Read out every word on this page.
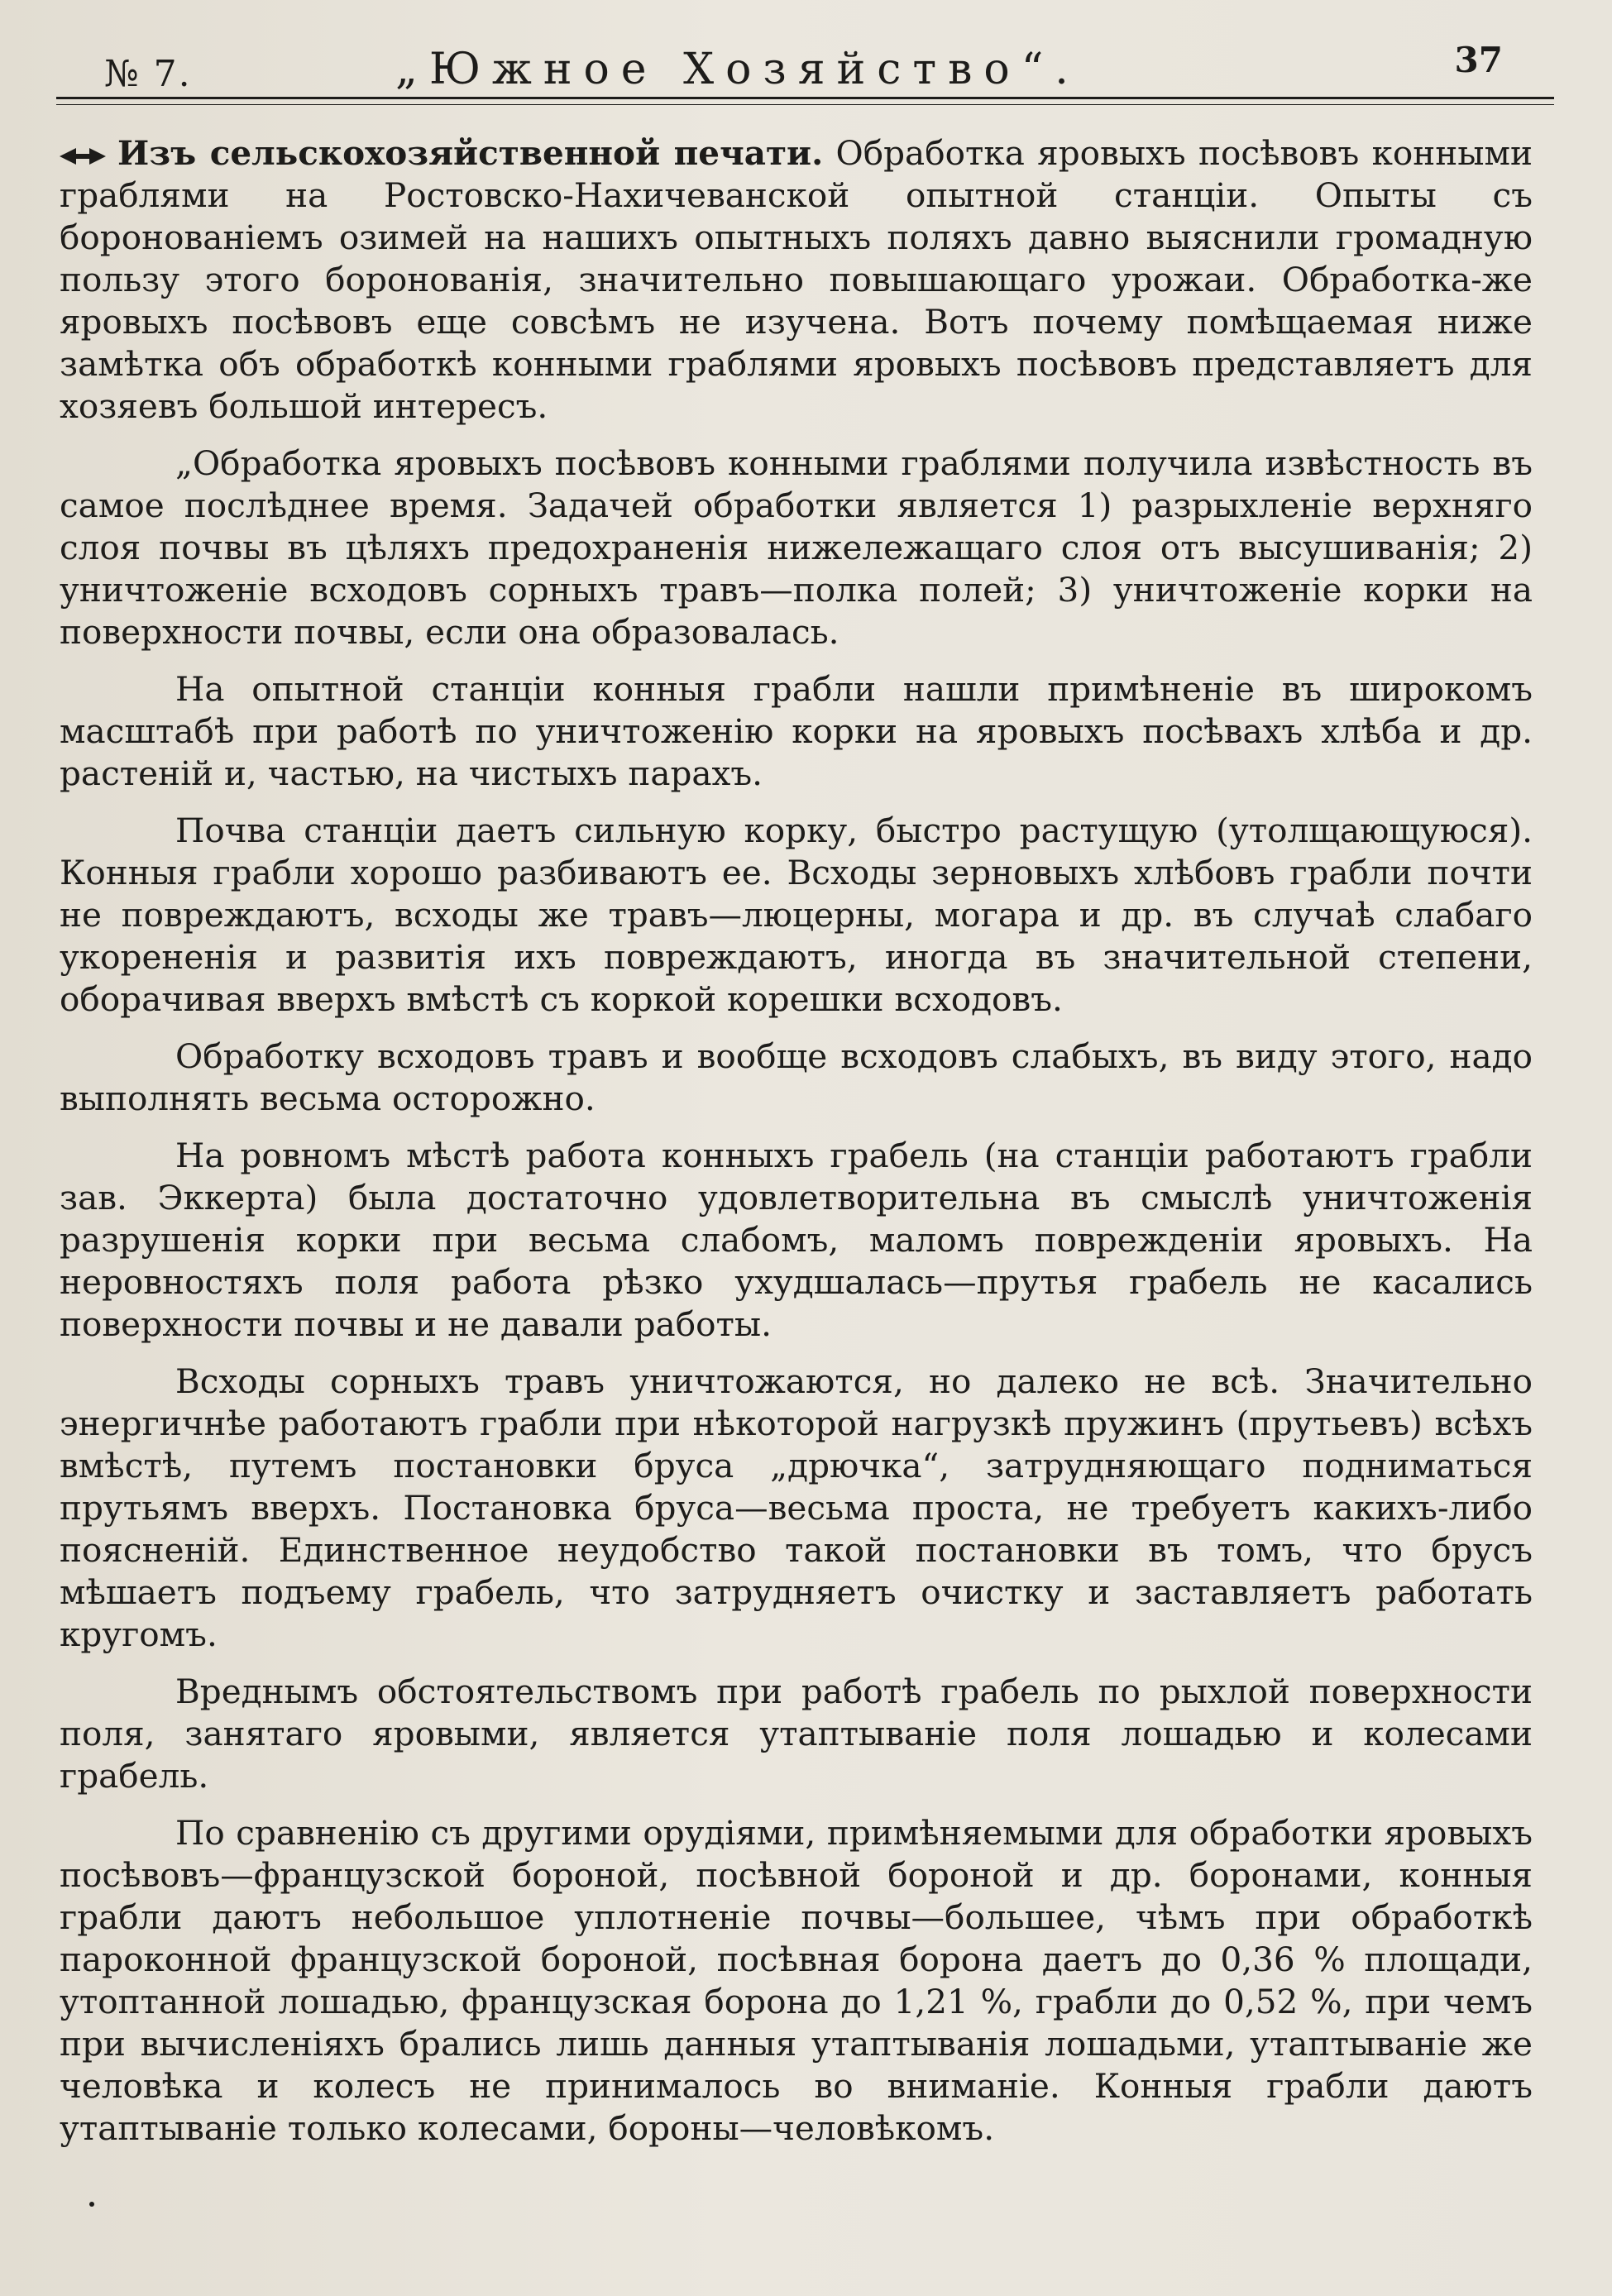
№ 7.	„Южное Хозяйство“.	37

Изъ сельскохозяйственной печати. Обработка яровыхъ посѣвовъ конными граблями на Ростовско-Нахичеванской опытной станціи. Опыты съ боронованіемъ озимей на нашихъ опытныхъ поляхъ давно выяснили громадную пользу этого боронованія, значительно повышающаго урожаи. Обработка-же яровыхъ посѣвовъ еще совсѣмъ не изучена. Вотъ почему помѣщаемая ниже замѣтка объ обработкѣ конными граблями яровыхъ посѣвовъ представляетъ для хозяевъ большой интересъ.

„Обработка яровыхъ посѣвовъ конными граблями получила извѣстность въ самое послѣднее время. Задачей обработки является 1) разрыхленіе верхняго слоя почвы въ цѣляхъ предохраненія нижележащаго слоя отъ высушиванія; 2) уничтоженіе всходовъ сорныхъ травъ—полка полей; 3) уничтоженіе корки на поверхности почвы, если она образовалась.

На опытной станціи конныя грабли нашли примѣненіе въ широкомъ масштабѣ при работѣ по уничтоженію корки на яровыхъ посѣвахъ хлѣба и др. растеній и, частью, на чистыхъ парахъ.

Почва станціи даетъ сильную корку, быстро растущую (утолщающуюся). Конныя грабли хорошо разбиваютъ ее. Всходы зерновыхъ хлѣбовъ грабли почти не повреждаютъ, всходы же травъ—люцерны, могара и др. въ случаѣ слабаго укорененія и развитія ихъ повреждаютъ, иногда въ значительной степени, оборачивая вверхъ вмѣстѣ съ коркой корешки всходовъ.

Обработку всходовъ травъ и вообще всходовъ слабыхъ, въ виду этого, надо выполнять весьма осторожно.

На ровномъ мѣстѣ работа конныхъ грабель (на станціи работаютъ грабли зав. Эккерта) была достаточно удовлетворительна въ смыслѣ уничтоженія разрушенія корки при весьма слабомъ, маломъ поврежденіи яровыхъ. На неровностяхъ поля работа рѣзко ухудшалась—прутья грабель не касались поверхности почвы и не давали работы.

Всходы сорныхъ травъ уничтожаются, но далеко не всѣ. Значительно энергичнѣе работаютъ грабли при нѣкоторой нагрузкѣ пружинъ (прутьевъ) всѣхъ вмѣстѣ, путемъ постановки бруса „дрючка“, затрудняющаго подниматься прутьямъ вверхъ. Постановка бруса—весьма проста, не требуетъ какихъ-либо поясненій. Единственное неудобство такой постановки въ томъ, что брусъ мѣшаетъ подъему грабель, что затрудняетъ очистку и заставляетъ работать кругомъ.

Вреднымъ обстоятельствомъ при работѣ грабель по рыхлой поверхности поля, занятаго яровыми, является утаптываніе поля лошадью и колесами грабель.

По сравненію съ другими орудіями, примѣняемыми для обработки яровыхъ посѣвовъ—французской бороной, посѣвной бороной и др. боронами, конныя грабли даютъ небольшое уплотненіе почвы—большее, чѣмъ при обработкѣ пароконной французской бороной, посѣвная борона даетъ до 0,36 % площади, утоптанной лошадью, французская борона до 1,21 %, грабли до 0,52 %, при чемъ при вычисленіяхъ брались лишь данныя утаптыванія лошадьми, утаптываніе же человѣка и колесъ не принималось во вниманіе. Конныя грабли даютъ утаптываніе только колесами, бороны—человѣкомъ.
